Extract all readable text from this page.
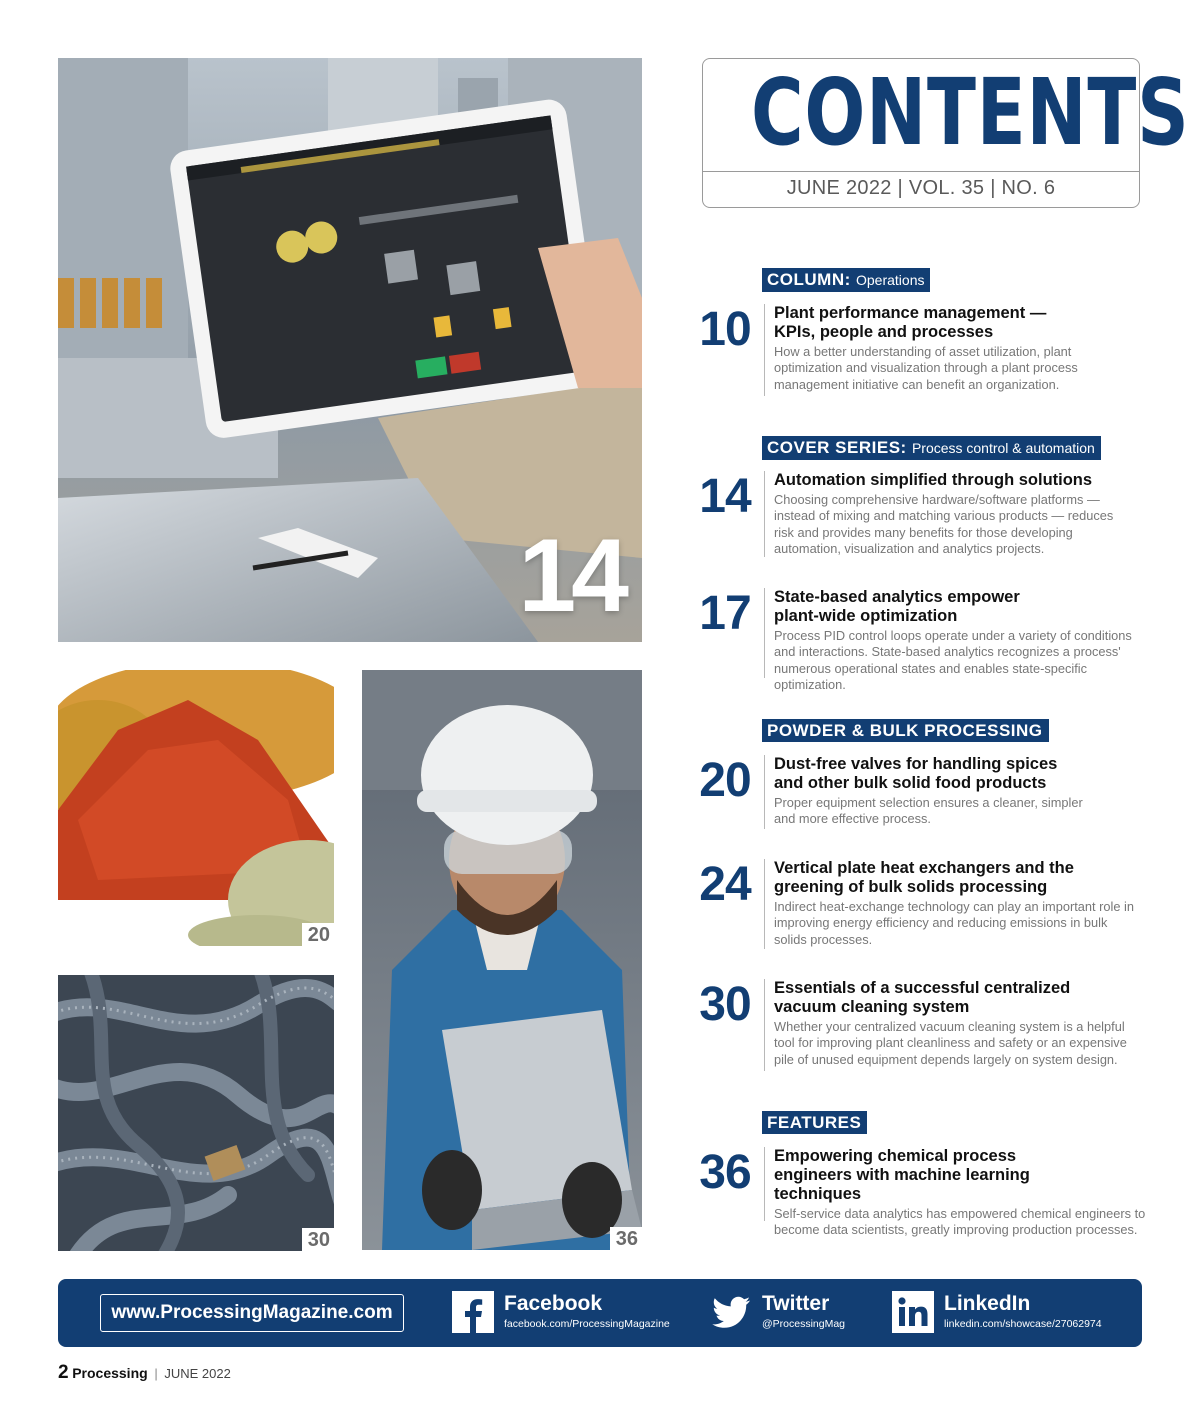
14
20
30	36
CONTENTS
JUNE 2022 | VOL. 35 | NO. 6
COLUMN: Operations
10	Plant performance management — KPIs, people and processes
How a better understanding of asset utilization, plant optimization and visualization through a plant process management initiative can benefit an organization.
COVER SERIES: Process control & automation
14	Automation simplified through solutions
Choosing comprehensive hardware/software platforms — instead of mixing and matching various products — reduces risk and provides many benefits for those developing automation, visualization and analytics projects.
17	State-based analytics empower plant-wide optimization
Process PID control loops operate under a variety of conditions and interactions. State-based analytics recognizes a process' numerous operational states and enables state-specific optimization.
POWDER & BULK PROCESSING
20	Dust-free valves for handling spices and other bulk solid food products
Proper equipment selection ensures a cleaner, simpler and more effective process.
24	Vertical plate heat exchangers and the greening of bulk solids processing
Indirect heat-exchange technology can play an important role in improving energy efficiency and reducing emissions in bulk solids processes.
30	Essentials of a successful centralized vacuum cleaning system
Whether your centralized vacuum cleaning system is a helpful tool for improving plant cleanliness and safety or an expensive pile of unused equipment depends largely on system design.
FEATURES
36	Empowering chemical process engineers with machine learning techniques
Self-service data analytics has empowered chemical engineers to become data scientists, greatly improving production processes.
www.ProcessingMagazine.com	Facebook
facebook.com/ProcessingMagazine
Twitter
@ProcessingMag
LinkedIn
linkedin.com/showcase/27062974
2 Processing | JUNE 2022
